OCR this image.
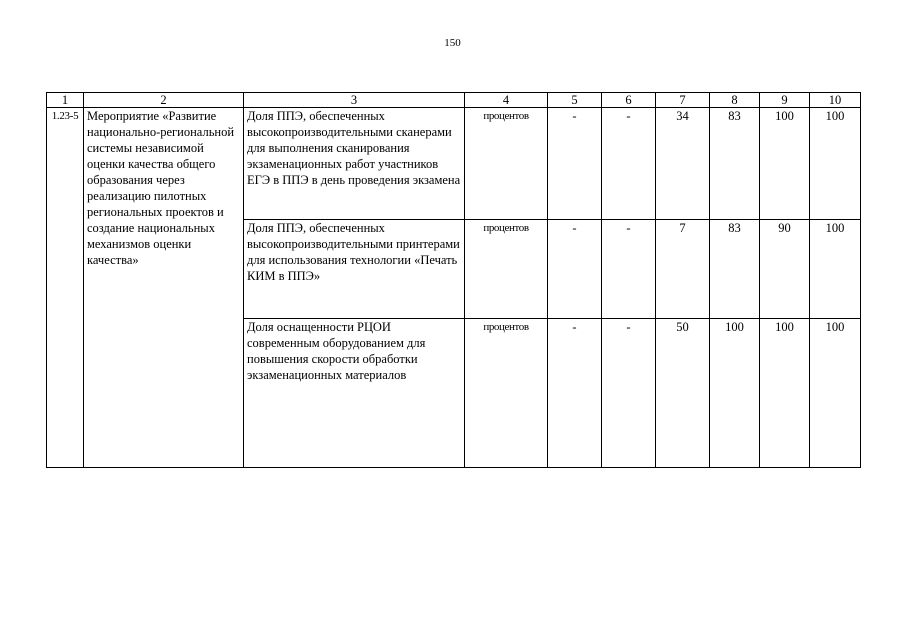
150
1	2	3	4	5	6	7	8	9	10
1.23-5	Мероприятие «Развитие национально-региональной системы независимой оценки качества общего образования через реализацию пилотных региональных проектов и создание национальных механизмов оценки качества»	Доля ППЭ, обеспеченных высокопроизводительными сканерами для выполнения сканирования экзаменационных работ участников ЕГЭ в ППЭ в день проведения экзамена	процентов	-	-	34	83	100	100
		Доля ППЭ, обеспеченных высокопроизводительными принтерами для использования технологии «Печать КИМ в ППЭ»	процентов	-	-	7	83	90	100
		Доля оснащенности РЦОИ современным оборудованием для повышения скорости обработки экзаменационных материалов	процентов	-	-	50	100	100	100
